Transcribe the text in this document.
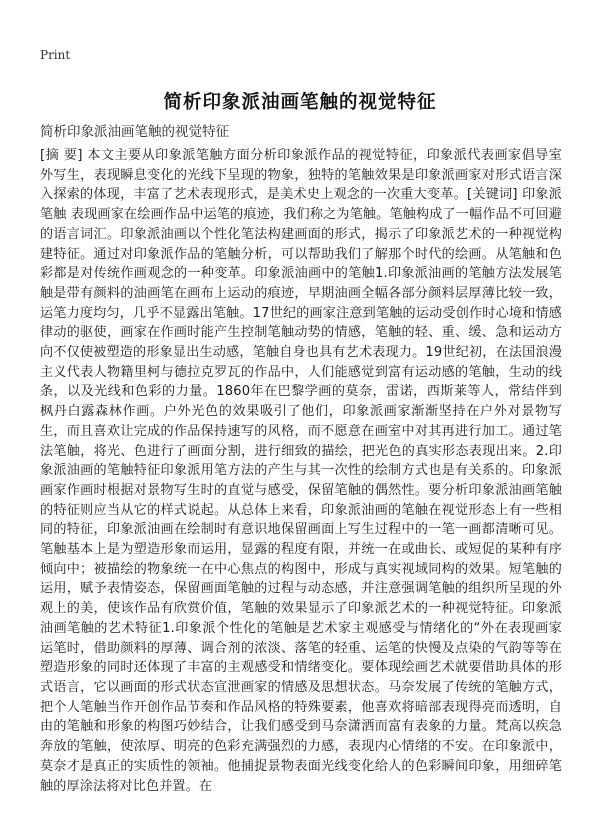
Print
简析印象派油画笔触的视觉特征
简析印象派油画笔触的视觉特征

[摘 要] 本文主要从印象派笔触方面分析印象派作品的视觉特征，印象派代表画家倡导室外写生，表现瞬息变化的光线下呈现的物象，独特的笔触效果是印象派画家对形式语言深入探索的体现，丰富了艺术表现形式，是美术史上观念的一次重大变革。[关键词] 印象派 笔触 表现画家在绘画作品中运笔的痕迹，我们称之为笔触。笔触构成了一幅作品不可回避的语言词汇。印象派油画以个性化笔法构建画面的形式，揭示了印象派艺术的一种视觉构建特征。通过对印象派作品的笔触分析，可以帮助我们了解那个时代的绘画。从笔触和色彩都是对传统作画观念的一种变革。印象派油画中的笔触1.印象派油画的笔触方法发展笔触是带有颜料的油画笔在画布上运动的痕迹，早期油画全幅各部分颜料层厚薄比较一致，运笔力度均匀，几乎不显露出笔触。17世纪的画家注意到笔触的运动受创作时心境和情感律动的驱使，画家在作画时能产生控制笔触动势的情感，笔触的轻、重、缓、急和运动方向不仅使被塑造的形象显出生动感，笔触自身也具有艺术表现力。19世纪初，在法国浪漫主义代表人物籍里柯与德拉克罗瓦的作品中，人们能感觉到富有运动感的笔触，生动的线条，以及光线和色彩的力量。1860年在巴黎学画的莫奈，雷诺，西斯莱等人，常结伴到枫丹白露森林作画。户外光色的效果吸引了他们，印象派画家渐渐坚持在户外对景物写生，而且喜欢让完成的作品保持速写的风格，而不愿意在画室中对其再进行加工。通过笔法笔触，将光、色进行了画面分割，进行细致的描绘，把光色的真实形态表现出来。2.印象派油画的笔触特征印象派用笔方法的产生与其一次性的绘制方式也是有关系的。印象派画家作画时根据对景物写生时的直觉与感受，保留笔触的偶然性。要分析印象派油画笔触的特征则应当从它的样式说起。从总体上来看，印象派油画的笔触在视觉形态上有一些相同的特征，印象派油画在绘制时有意识地保留画面上写生过程中的一笔一画都清晰可见。笔触基本上是为塑造形象而运用，显露的程度有限，并统一在或曲长、或短促的某种有序倾向中；被描绘的物象统一在中心焦点的构图中，形成与真实视域同构的效果。短笔触的运用，赋予表情姿态，保留画面笔触的过程与动态感，并注意强调笔触的组织所呈现的外观上的美，使该作品有欣赏价值，笔触的效果显示了印象派艺术的一种视觉特征。印象派油画笔触的艺术特征1.印象派个性化的笔触是艺术家主观感受与情绪化的“外在表现画家运笔时，借助颜料的厚薄、调合剂的浓淡、落笔的轻重、运笔的快慢及点染的气韵等等在塑造形象的同时还体现了丰富的主观感受和情绪变化。要体现绘画艺术就要借助具体的形式语言，它以画面的形式状态宣泄画家的情感及思想状态。马奈发展了传统的笔触方式，把个人笔触当作开创作品节奏和作品风格的特殊要素，他喜欢将暗部表现得亮而透明，自由的笔触和形象的构图巧妙结合，让我们感受到马奈潇洒而富有表象的力量。梵高以疾急奔放的笔触，使浓厚、明亮的色彩充满强烈的力感，表现内心情绪的不安。在印象派中，莫奈才是真正的实质性的领袖。他捕捉景物表面光线变化给人的色彩瞬间印象，用细碎笔触的厚涂法将对比色并置。在
